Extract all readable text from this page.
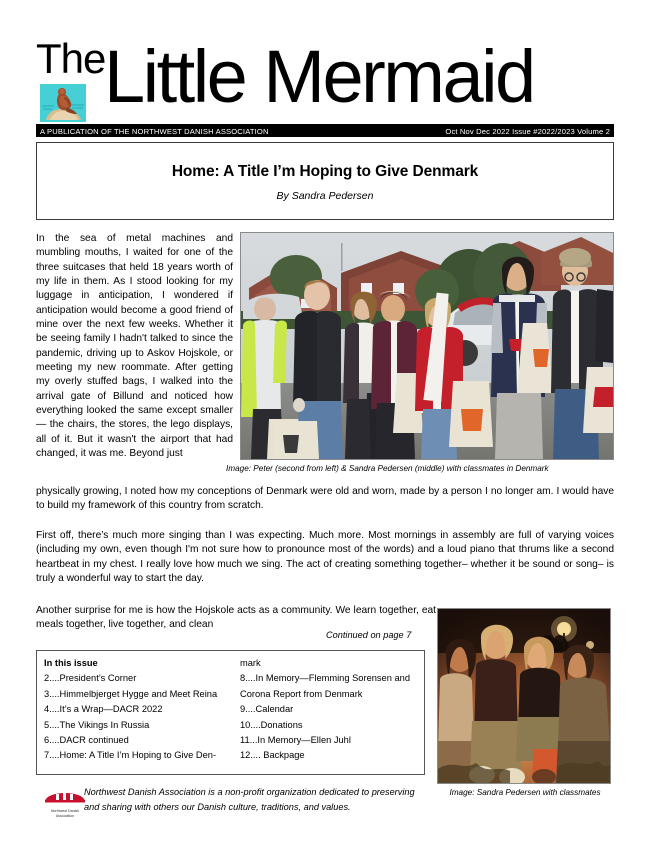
The
Little Mermaid
A PUBLICATION OF THE NORTHWEST DANISH ASSOCIATION	Oct Nov Dec 2022 Issue #2022/2023 Volume 2
Home: A Title I’m Hoping to Give Denmark
By Sandra Pedersen
In the sea of metal machines and mumbling mouths, I waited for one of the three suitcases that held 18 years worth of my life in them. As I stood looking for my luggage in anticipation, I wondered if anticipation would become a good friend of mine over the next few weeks. Whether it be seeing family I hadn't talked to since the pandemic, driving up to Askov Hojskole, or meeting my new roommate. After getting my overly stuffed bags, I walked into the arrival gate of Billund and noticed how everything looked the same except smaller— the chairs, the stores, the lego displays, all of it. But it wasn't the airport that had changed, it was me. Beyond just
Image: Peter (second from left) & Sandra Pedersen (middle) with classmates in Denmark
physically growing, I noted how my conceptions of Denmark were old and worn, made by a person I no longer am. I would have to build my framework of this country from scratch.
First off, there’s much more singing than I was expecting. Much more. Most mornings in assembly are full of varying voices (including my own, even though I'm not sure how to pronounce most of the words) and a loud piano that thrums like a second heartbeat in my chest. I really love how much we sing. The act of creating something together– whether it be sound or song– is truly a wonderful way to start the day.
Another surprise for me is how the Hojskole acts as a community. We learn together, eat meals together, live together, and clean
Continued on page 7
Image: Sandra Pedersen with classmates
In this issue
2....President’s Corner
3....Himmelbjerget Hygge and Meet Reina
4....It’s a Wrap—DACR 2022
5....The Vikings In Russia
6....DACR continued
7....Home: A Title I’m Hoping to Give Den-
mark
8....In Memory—Flemming Sorensen and
Corona Report from Denmark
9....Calendar
10....Donations
11...In Memory—Ellen Juhl
12.... Backpage
Northwest Danish
Association
Northwest Danish Association is a non-profit organization dedicated to preserving and sharing with others our Danish culture, traditions, and values.
